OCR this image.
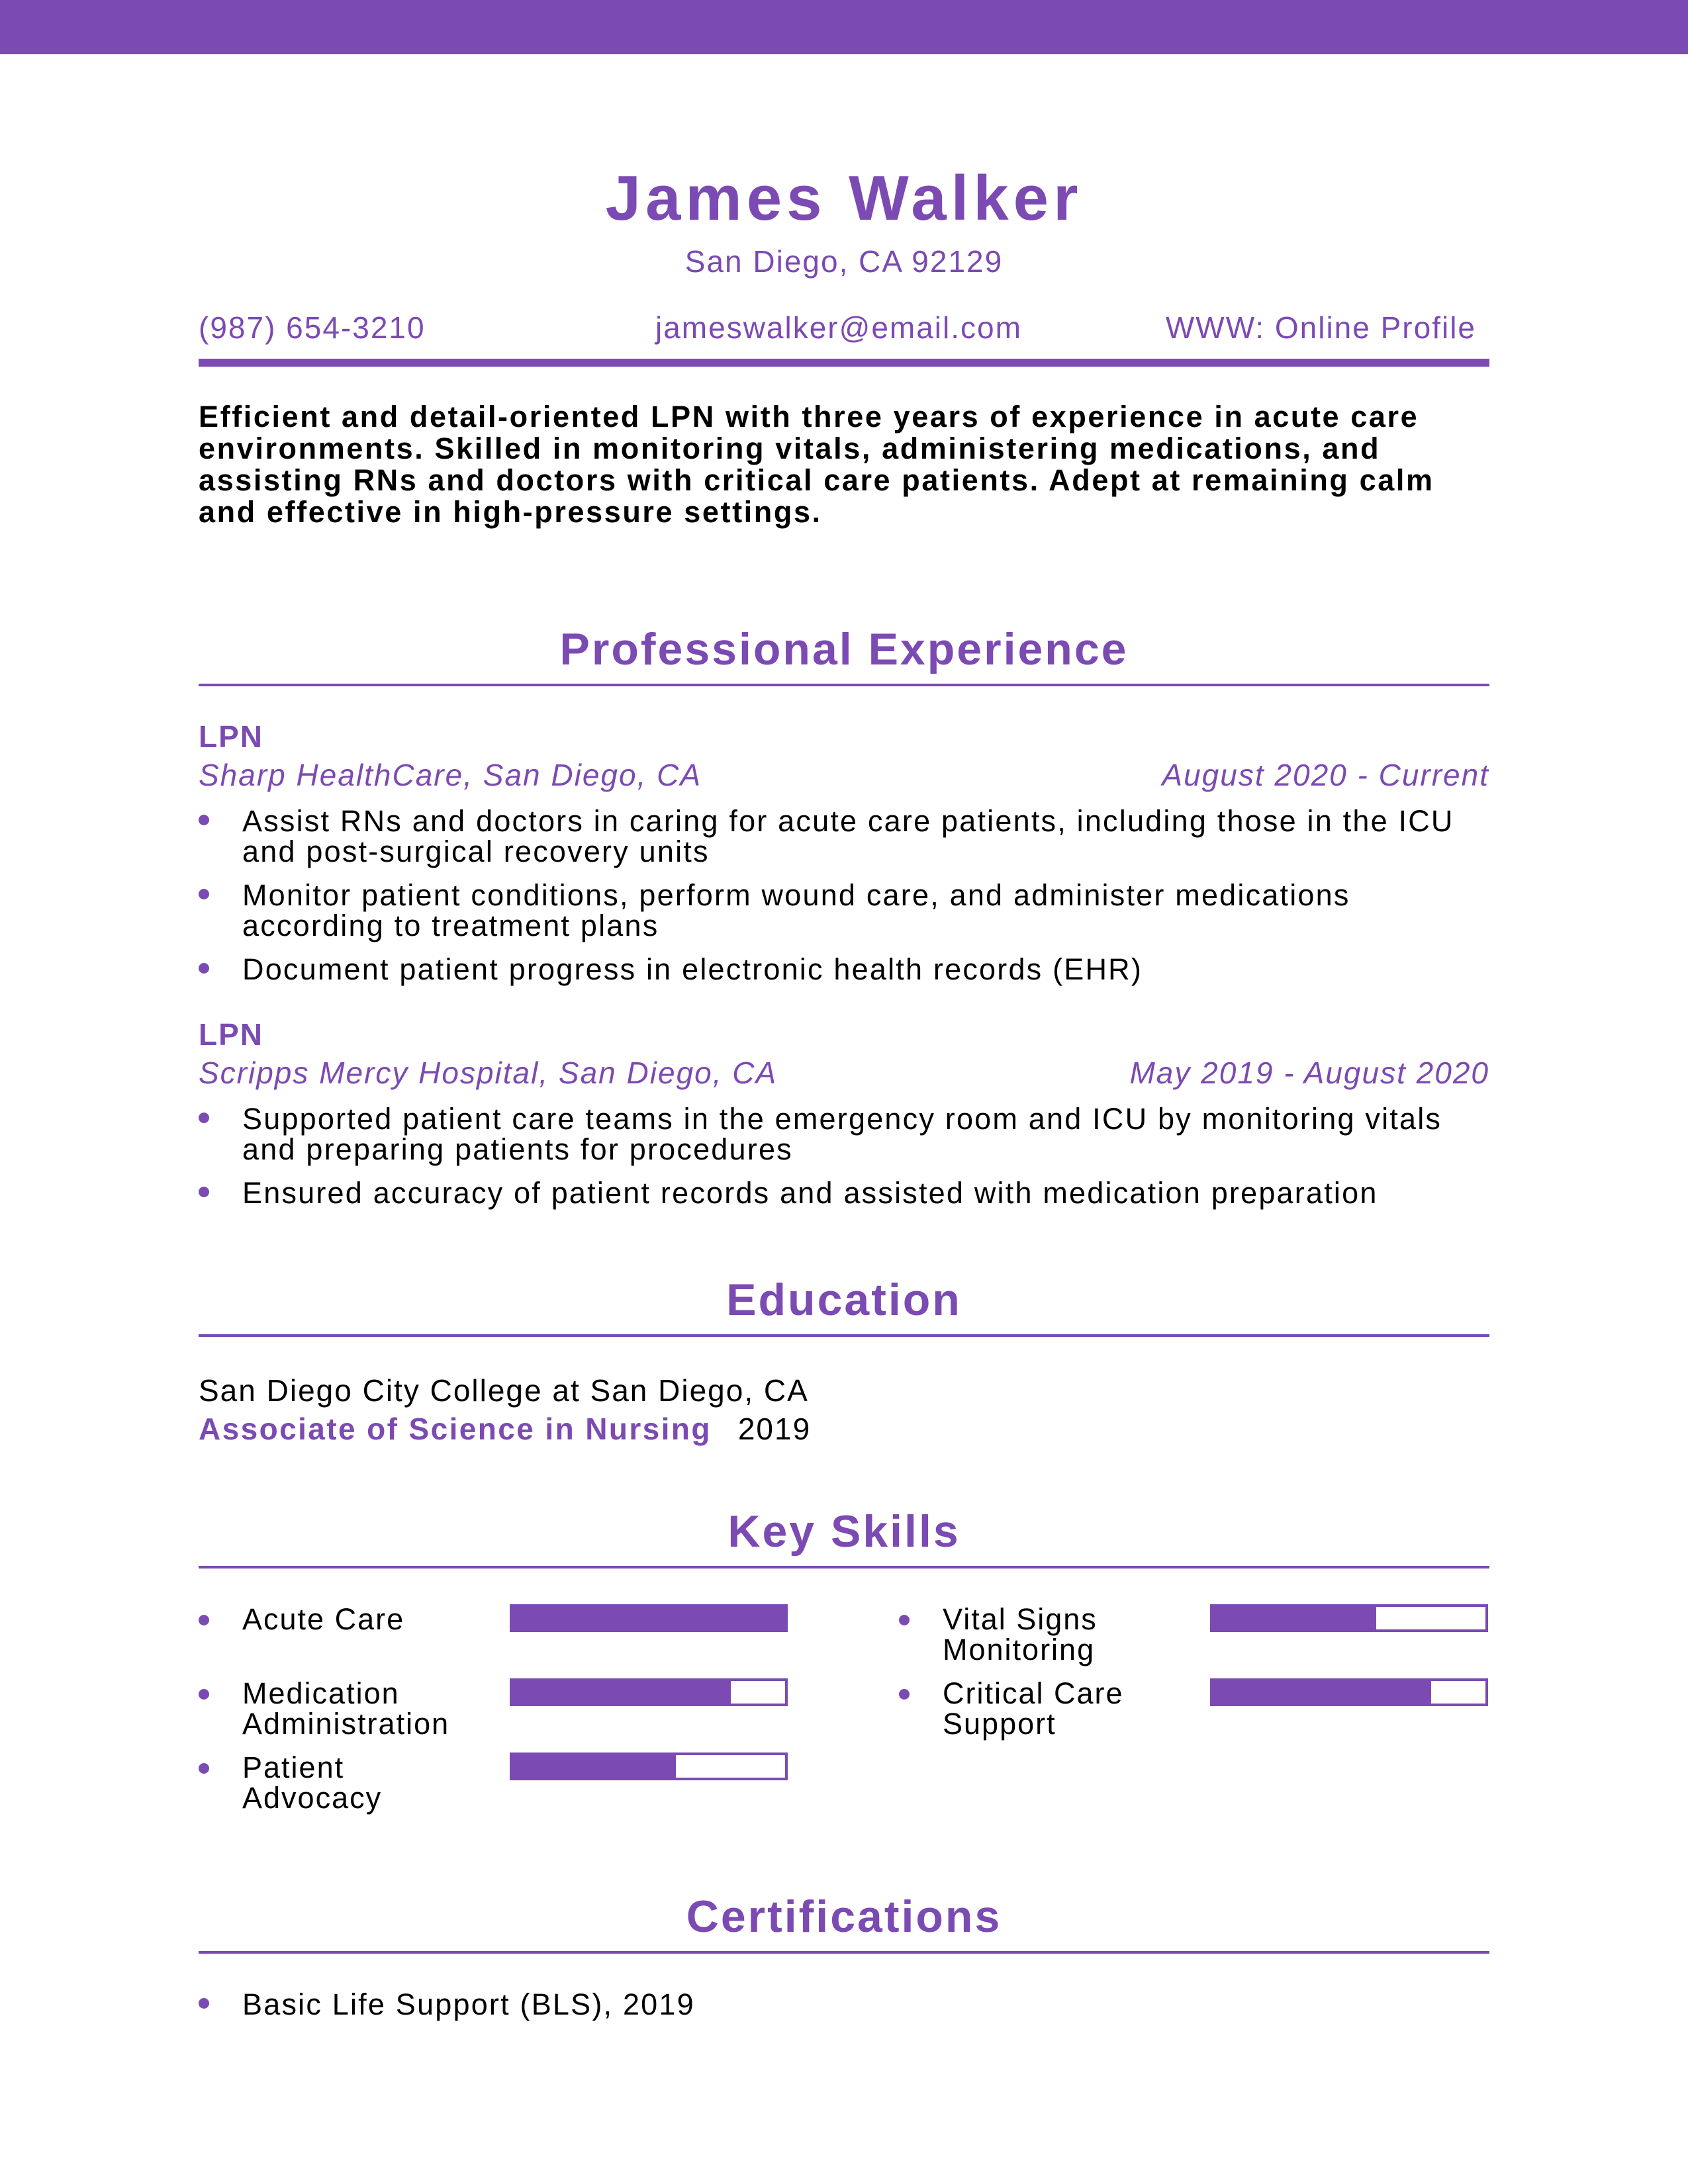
James Walker
San Diego, CA 92129
(987) 654-3210	jameswalker@email.com	WWW: Online Profile
Efficient and detail-oriented LPN with three years of experience in acute care environments. Skilled in monitoring vitals, administering medications, and assisting RNs and doctors with critical care patients. Adept at remaining calm and effective in high-pressure settings.
Professional Experience
LPN
Sharp HealthCare, San Diego, CA	August 2020 - Current
Assist RNs and doctors in caring for acute care patients, including those in the ICU and post-surgical recovery units
Monitor patient conditions, perform wound care, and administer medications according to treatment plans
Document patient progress in electronic health records (EHR)
LPN
Scripps Mercy Hospital, San Diego, CA	May 2019 - August 2020
Supported patient care teams in the emergency room and ICU by monitoring vitals and preparing patients for procedures
Ensured accuracy of patient records and assisted with medication preparation
Education
San Diego City College at San Diego, CA
Associate of Science in Nursing 2019
Key Skills
Acute Care	Vital Signs Monitoring
Medication Administration
Critical Care Support
Patient Advocacy
Certifications
Basic Life Support (BLS), 2019
